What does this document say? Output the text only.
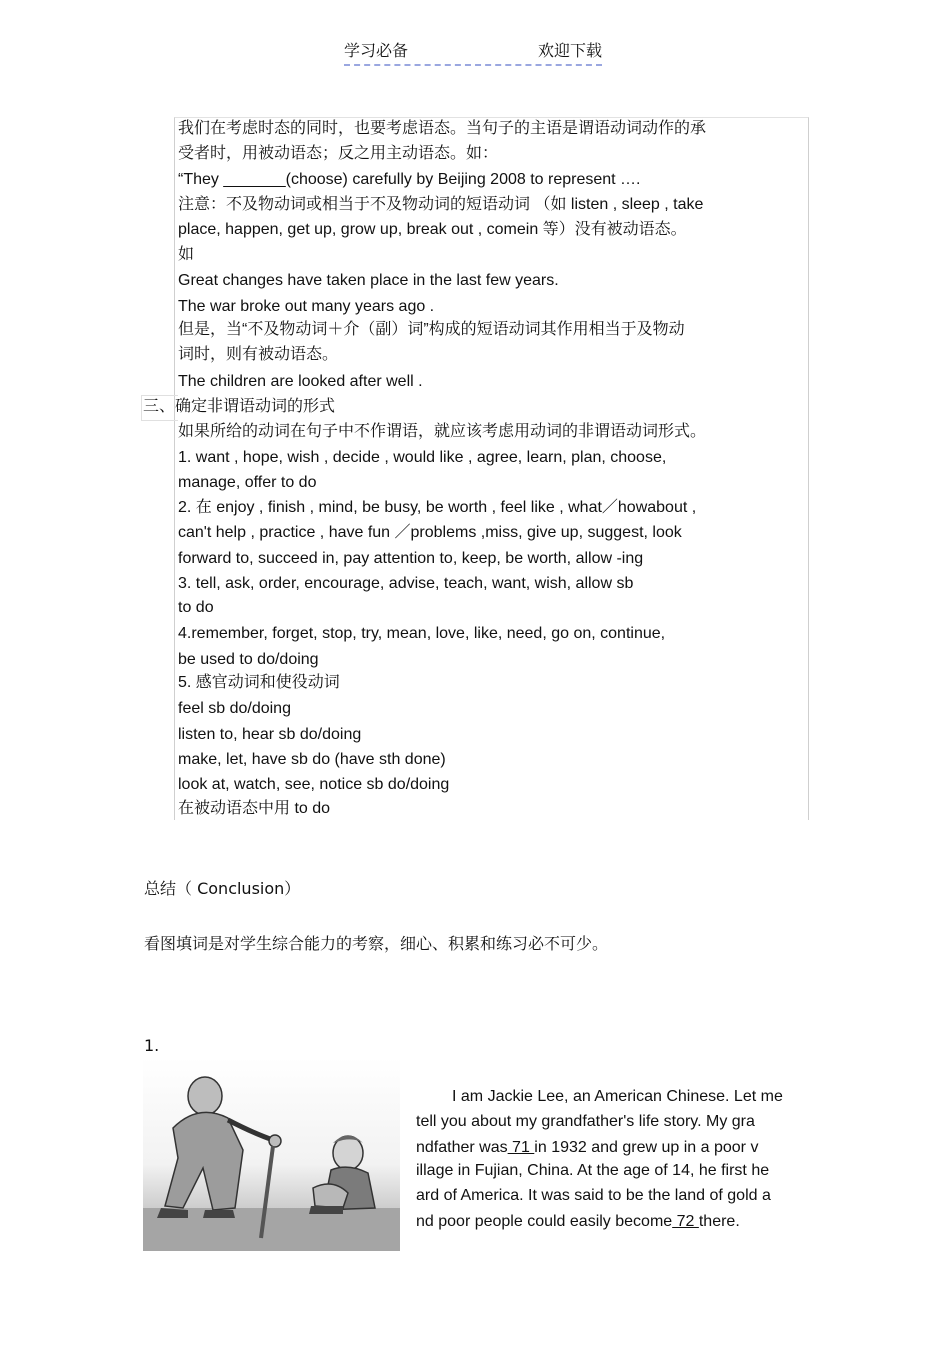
学习必备	欢迎下载
我们在考虑时态的同时，也要考虑语态。当句子的主语是谓语动词动作的承
受者时，用被动语态；反之用主动语态。如：
“They _______(choose) carefully by Beijing 2008 to represent ….
注意：不及物动词或相当于不及物动词的短语动词 （如 listen , sleep , take
place, happen, get up, grow up, break out , comein 等）没有被动语态。
如
Great changes have taken place in the last few years.
The war broke out many years ago .
但是，当“不及物动词＋介（副）词”构成的短语动词其作用相当于及物动
词时，则有被动语态。
The children are looked after well .
三、确定非谓语动词的形式
如果所给的动词在句子中不作谓语，就应该考虑用动词的非谓语动词形式。
1. want , hope, wish , decide , would like , agree, learn, plan, choose,
manage, offer to do
2. 在 enjoy , finish , mind, be busy, be worth , feel like , what／howabout ,
can't help , practice , have fun ／problems ,miss, give up, suggest, look
forward to, succeed in, pay attention to, keep, be worth, allow -ing
3. tell, ask, order, encourage, advise, teach, want, wish, allow sb
to do
4.remember, forget, stop, try, mean, love, like, need, go on, continue,
be used to do/doing
5. 感官动词和使役动词
feel sb do/doing
listen to, hear sb do/doing
make, let, have sb do (have sth done)
look at, watch, see, notice sb do/doing
在被动语态中用 to do
总结（ Conclusion）
看图填词是对学生综合能力的考察，细心、积累和练习必不可少。
1.
I am Jackie Lee, an American Chinese. Let me
tell you about my grandfather's life story. My gra
ndfather was 71 in 1932 and grew up in a poor v
illage in Fujian, China. At the age of 14, he first he
ard of America. It was said to be the land of gold a
nd poor people could easily become 72 there.
